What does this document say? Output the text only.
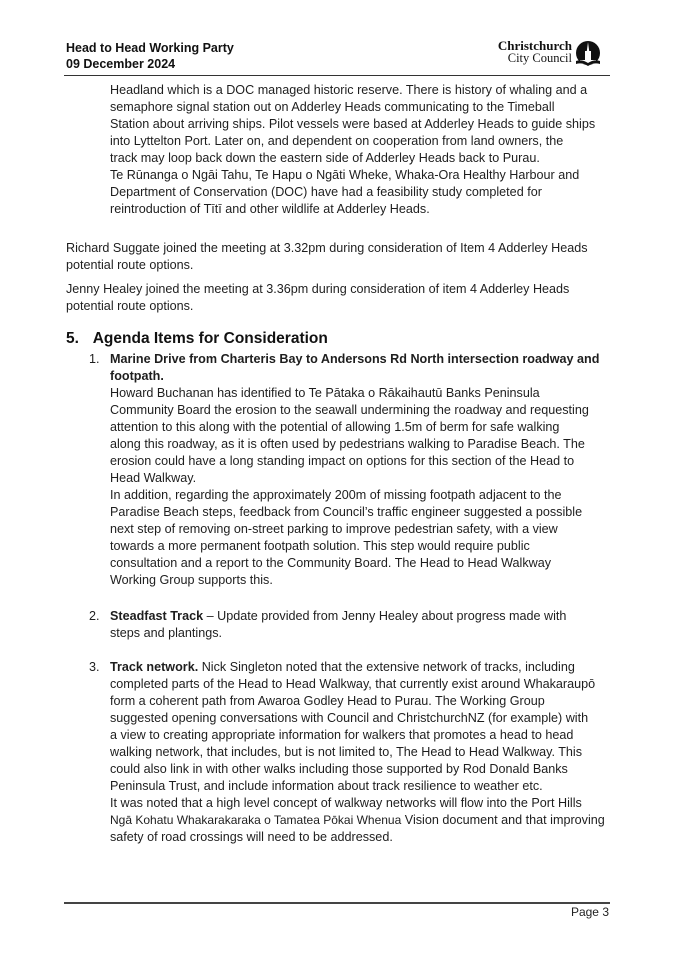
Head to Head Working Party
09 December 2024
Christchurch
City Council
Headland which is a DOC managed historic reserve. There is history of whaling and a
semaphore signal station out on Adderley Heads communicating to the Timeball
Station about arriving ships. Pilot vessels were based at Adderley Heads to guide ships
into Lyttelton Port. Later on, and dependent on cooperation from land owners, the
track may loop back down the eastern side of Adderley Heads back to Purau.
Te Rūnanga o Ngāi Tahu, Te Hapu o Ngāti Wheke, Whaka-Ora Healthy Harbour and
Department of Conservation (DOC) have had a feasibility study completed for
reintroduction of Tītī and other wildlife at Adderley Heads.
Richard Suggate joined the meeting at 3.32pm during consideration of Item 4 Adderley Heads
potential route options.
Jenny Healey joined the meeting at 3.36pm during consideration of item 4 Adderley Heads
potential route options.
5. Agenda Items for Consideration
1. Marine Drive from Charteris Bay to Andersons Rd North intersection roadway and
footpath.
Howard Buchanan has identified to Te Pātaka o Rākaihautū Banks Peninsula
Community Board the erosion to the seawall undermining the roadway and requesting
attention to this along with the potential of allowing 1.5m of berm for safe walking
along this roadway, as it is often used by pedestrians walking to Paradise Beach. The
erosion could have a long standing impact on options for this section of the Head to
Head Walkway.
In addition, regarding the approximately 200m of missing footpath adjacent to the
Paradise Beach steps, feedback from Council’s traffic engineer suggested a possible
next step of removing on-street parking to improve pedestrian safety, with a view
towards a more permanent footpath solution. This step would require public
consultation and a report to the Community Board. The Head to Head Walkway
Working Group supports this.
2. Steadfast Track – Update provided from Jenny Healey about progress made with
steps and plantings.
3. Track network. Nick Singleton noted that the extensive network of tracks, including
completed parts of the Head to Head Walkway, that currently exist around Whakaraupō
form a coherent path from Awaroa Godley Head to Purau. The Working Group
suggested opening conversations with Council and ChristchurchNZ (for example) with
a view to creating appropriate information for walkers that promotes a head to head
walking network, that includes, but is not limited to, The Head to Head Walkway. This
could also link in with other walks including those supported by Rod Donald Banks
Peninsula Trust, and include information about track resilience to weather etc.
It was noted that a high level concept of walkway networks will flow into the Port Hills
Ngā Kohatu Whakarakaraka o Tamatea Pōkai Whenua Vision document and that improving
safety of road crossings will need to be addressed.
Page 3
